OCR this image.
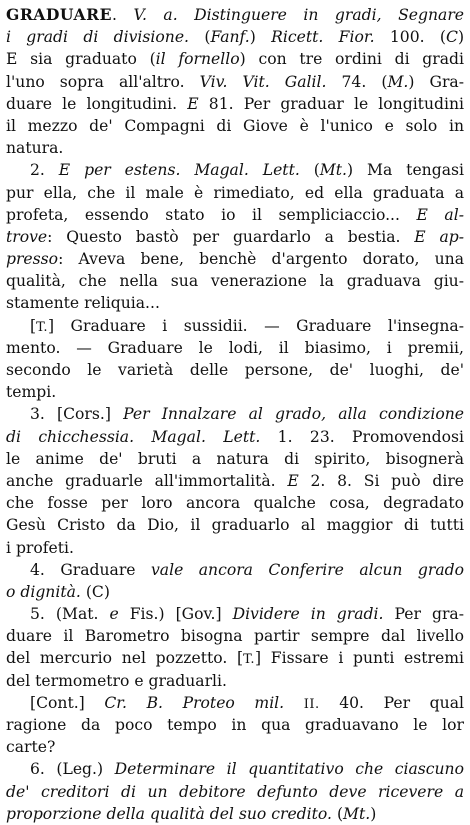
GRADUARE. V. a. Distinguere in gradi, Segnare
i gradi di divisione. (Fanf.) Ricett. Fior. 100. (C)
E sia graduato (il fornello) con tre ordini di gradi
l'uno sopra all'altro. Viv. Vit. Galil. 74. (M.) Gra-
duare le longitudini. E 81. Per graduar le longitudini
il mezzo de' Compagni di Giove è l'unico e solo in
natura.
2. E per estens. Magal. Lett. (Mt.) Ma tengasi
pur ella, che il male è rimediato, ed ella graduata a
profeta, essendo stato io il sempliciaccio... E al-
trove: Questo bastò per guardarlo a bestia. E ap-
presso: Aveva bene, benchè d'argento dorato, una
qualità, che nella sua venerazione la graduava giu-
stamente reliquia...
[T.] Graduare i sussidii. — Graduare l'insegna-
mento. — Graduare le lodi, il biasimo, i premii,
secondo le varietà delle persone, de' luoghi, de'
tempi.
3. [Cors.] Per Innalzare al grado, alla condizione
di chicchessia. Magal. Lett. 1. 23. Promovendosi
le anime de' bruti a natura di spirito, bisognerà
anche graduarle all'immortalità. E 2. 8. Si può dire
che fosse per loro ancora qualche cosa, degradato
Gesù Cristo da Dio, il graduarlo al maggior di tutti
i profeti.
4. Graduare vale ancora Conferire alcun grado
o dignità. (C)
5. (Mat. e Fis.) [Gov.] Dividere in gradi. Per gra-
duare il Barometro bisogna partir sempre dal livello
del mercurio nel pozzetto. [T.] Fissare i punti estremi
del termometro e graduarli.
[Cont.] Cr. B. Proteo mil. II. 40. Per qual
ragione da poco tempo in qua graduavano le lor
carte?
6. (Leg.) Determinare il quantitativo che ciascuno
de' creditori di un debitore defunto deve ricevere a
proporzione della qualità del suo credito. (Mt.)
